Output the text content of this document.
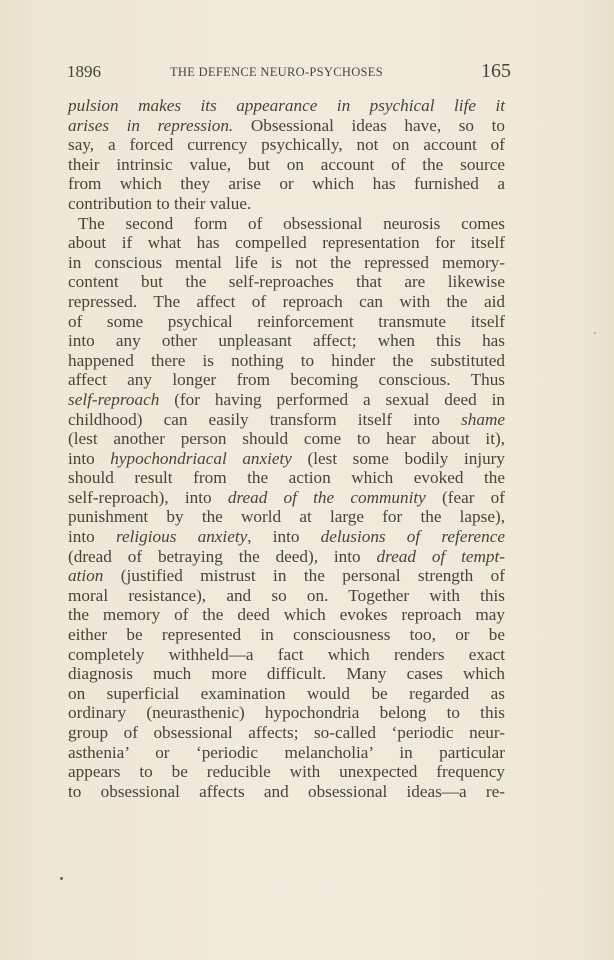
1896	THE DEFENCE NEURO-PSYCHOSES	165
pulsion makes its appearance in psychical life it
arises in repression. Obsessional ideas have, so to
say, a forced currency psychically, not on account of
their intrinsic value, but on account of the source
from which they arise or which has furnished a
contribution to their value.
The second form of obsessional neurosis comes
about if what has compelled representation for itself
in conscious mental life is not the repressed memory-
content but the self-reproaches that are likewise
repressed. The affect of reproach can with the aid
of some psychical reinforcement transmute itself
into any other unpleasant affect; when this has
happened there is nothing to hinder the substituted
affect any longer from becoming conscious. Thus
self-reproach (for having performed a sexual deed in
childhood) can easily transform itself into shame
(lest another person should come to hear about it),
into hypochondriacal anxiety (lest some bodily injury
should result from the action which evoked the
self-reproach), into dread of the community (fear of
punishment by the world at large for the lapse),
into religious anxiety, into delusions of reference
(dread of betraying the deed), into dread of tempt-
ation (justified mistrust in the personal strength of
moral resistance), and so on. Together with this
the memory of the deed which evokes reproach may
either be represented in consciousness too, or be
completely withheld—a fact which renders exact
diagnosis much more difficult. Many cases which
on superficial examination would be regarded as
ordinary (neurasthenic) hypochondria belong to this
group of obsessional affects; so-called ‘periodic neur-
asthenia’ or ‘periodic melancholia’ in particular
appears to be reducible with unexpected frequency
to obsessional affects and obsessional ideas—a re-
